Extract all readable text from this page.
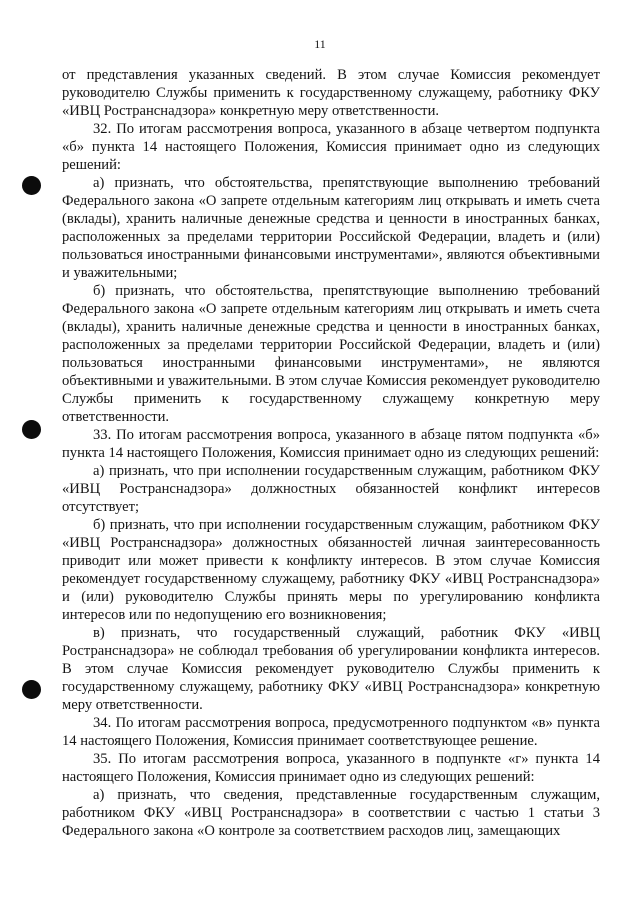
11

от представления указанных сведений. В этом случае Комиссия рекомендует руководителю Службы применить к государственному служащему, работнику ФКУ «ИВЦ Ространснадзора» конкретную меру ответственности.

32. По итогам рассмотрения вопроса, указанного в абзаце четвертом подпункта «б» пункта 14 настоящего Положения, Комиссия принимает одно из следующих решений:

а) признать, что обстоятельства, препятствующие выполнению требований Федерального закона «О запрете отдельным категориям лиц открывать и иметь счета (вклады), хранить наличные денежные средства и ценности в иностранных банках, расположенных за пределами территории Российской Федерации, владеть и (или) пользоваться иностранными финансовыми инструментами», являются объективными и уважительными;

б) признать, что обстоятельства, препятствующие выполнению требований Федерального закона «О запрете отдельным категориям лиц открывать и иметь счета (вклады), хранить наличные денежные средства и ценности в иностранных банках, расположенных за пределами территории Российской Федерации, владеть и (или) пользоваться иностранными финансовыми инструментами», не являются объективными и уважительными. В этом случае Комиссия рекомендует руководителю Службы применить к государственному служащему конкретную меру ответственности.

33. По итогам рассмотрения вопроса, указанного в абзаце пятом подпункта «б» пункта 14 настоящего Положения, Комиссия принимает одно из следующих решений:

а) признать, что при исполнении государственным служащим, работником ФКУ «ИВЦ Ространснадзора» должностных обязанностей конфликт интересов отсутствует;

б) признать, что при исполнении государственным служащим, работником ФКУ «ИВЦ Ространснадзора» должностных обязанностей личная заинтересованность приводит или может привести к конфликту интересов. В этом случае Комиссия рекомендует государственному служащему, работнику ФКУ «ИВЦ Ространснадзора» и (или) руководителю Службы принять меры по урегулированию конфликта интересов или по недопущению его возникновения;

в) признать, что государственный служащий, работник ФКУ «ИВЦ Ространснадзора» не соблюдал требования об урегулировании конфликта интересов. В этом случае Комиссия рекомендует руководителю Службы применить к государственному служащему, работнику ФКУ «ИВЦ Ространснадзора» конкретную меру ответственности.

34. По итогам рассмотрения вопроса, предусмотренного подпунктом «в» пункта 14 настоящего Положения, Комиссия принимает соответствующее решение.

35. По итогам рассмотрения вопроса, указанного в подпункте «г» пункта 14 настоящего Положения, Комиссия принимает одно из следующих решений:

а) признать, что сведения, представленные государственным служащим, работником ФКУ «ИВЦ Ространснадзора» в соответствии с частью 1 статьи 3 Федерального закона «О контроле за соответствием расходов лиц, замещающих
